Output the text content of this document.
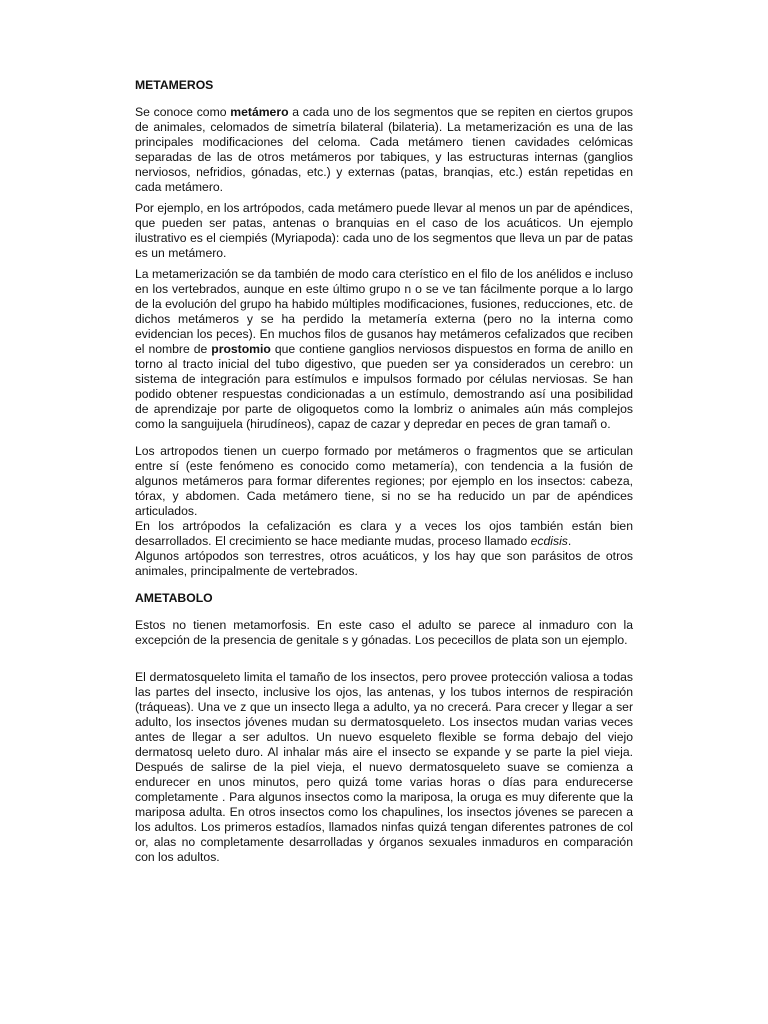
METAMEROS

Se conoce como metámero a cada uno de los segmentos que se repiten en ciertos grupos de animales, celomados de simetría bilateral (bilateria). La metamerización es una de las principales modificaciones del celoma. Cada metámero tienen cavidades celómicas separadas de las de otros metámeros por tabiques, y las estructuras internas (ganglios nerviosos, nefridios, gónadas, etc.) y externas (patas, branqias, etc.) están repetidas en cada metámero.

Por ejemplo, en los artrópodos, cada metámero puede llevar al menos un par de apéndices, que pueden ser patas, antenas o branquias en el caso de los acuáticos. Un ejemplo ilustrativo es el ciempiés (Myriapoda): cada uno de los segmentos que lleva un par de patas es un metámero.

La metamerización se da también de modo cara cterístico en el filo de los anélidos e incluso en los vertebrados, aunque en este último grupo n o se ve tan fácilmente porque a lo largo de la evolución del grupo ha habido múltiples modificaciones, fusiones, reducciones, etc. de dichos metámeros y se ha perdido la metamería externa (pero no la interna como evidencian los peces). En muchos filos de gusanos hay metámeros cefalizados que reciben el nombre de prostomio que contiene ganglios nerviosos dispuestos en forma de anillo en torno al tracto inicial del tubo digestivo, que pueden ser ya considerados un cerebro: un sistema de integración para estímulos e impulsos formado por células nerviosas. Se han podido obtener respuestas condicionadas a un estímulo, demostrando así una posibilidad de aprendizaje por parte de oligoquetos como la lombriz o animales aún más complejos como la sanguijuela (hirudíneos), capaz de cazar y depredar en peces de gran tamañ o.

Los artropodos tienen un cuerpo formado por metámeros o fragmentos que se articulan entre sí (este fenómeno es conocido como metamería), con tendencia a la fusión de algunos metámeros para formar diferentes regiones; por ejemplo en los insectos: cabeza, tórax, y abdomen. Cada metámero tiene, si no se ha reducido un par de apéndices articulados.

En los artrópodos la cefalización es clara y a veces los ojos también están bien desarrollados. El crecimiento se hace mediante mudas, proceso llamado ecdisis.

Algunos artópodos son terrestres, otros acuáticos, y los hay que son parásitos de otros animales, principalmente de vertebrados.

AMETABOLO

Estos no tienen metamorfosis. En este caso el adulto se parece al inmaduro con la excepción de la presencia de genitale s y gónadas. Los pececillos de plata son un ejemplo.

El dermatosqueleto limita el tamaño de los insectos, pero provee protección valiosa a todas las partes del insecto, inclusive los ojos, las antenas, y los tubos internos de respiración (tráqueas). Una ve z que un insecto llega a adulto, ya no crecerá. Para crecer y llegar a ser adulto, los insectos jóvenes mudan su dermatosqueleto. Los insectos mudan varias veces antes de llegar a ser adultos. Un nuevo esqueleto flexible se forma debajo del viejo dermatosq ueleto duro. Al inhalar más aire el insecto se expande y se parte la piel vieja. Después de salirse de la piel vieja, el nuevo dermatosqueleto suave se comienza a endurecer en unos minutos, pero quizá tome varias horas o días para endurecerse completamente . Para algunos insectos como la mariposa, la oruga es muy diferente que la mariposa adulta. En otros insectos como los chapulines, los insectos jóvenes se parecen a los adultos. Los primeros estadíos, llamados ninfas quizá tengan diferentes patrones de col or, alas no completamente desarrolladas y órganos sexuales inmaduros en comparación con los adultos.
